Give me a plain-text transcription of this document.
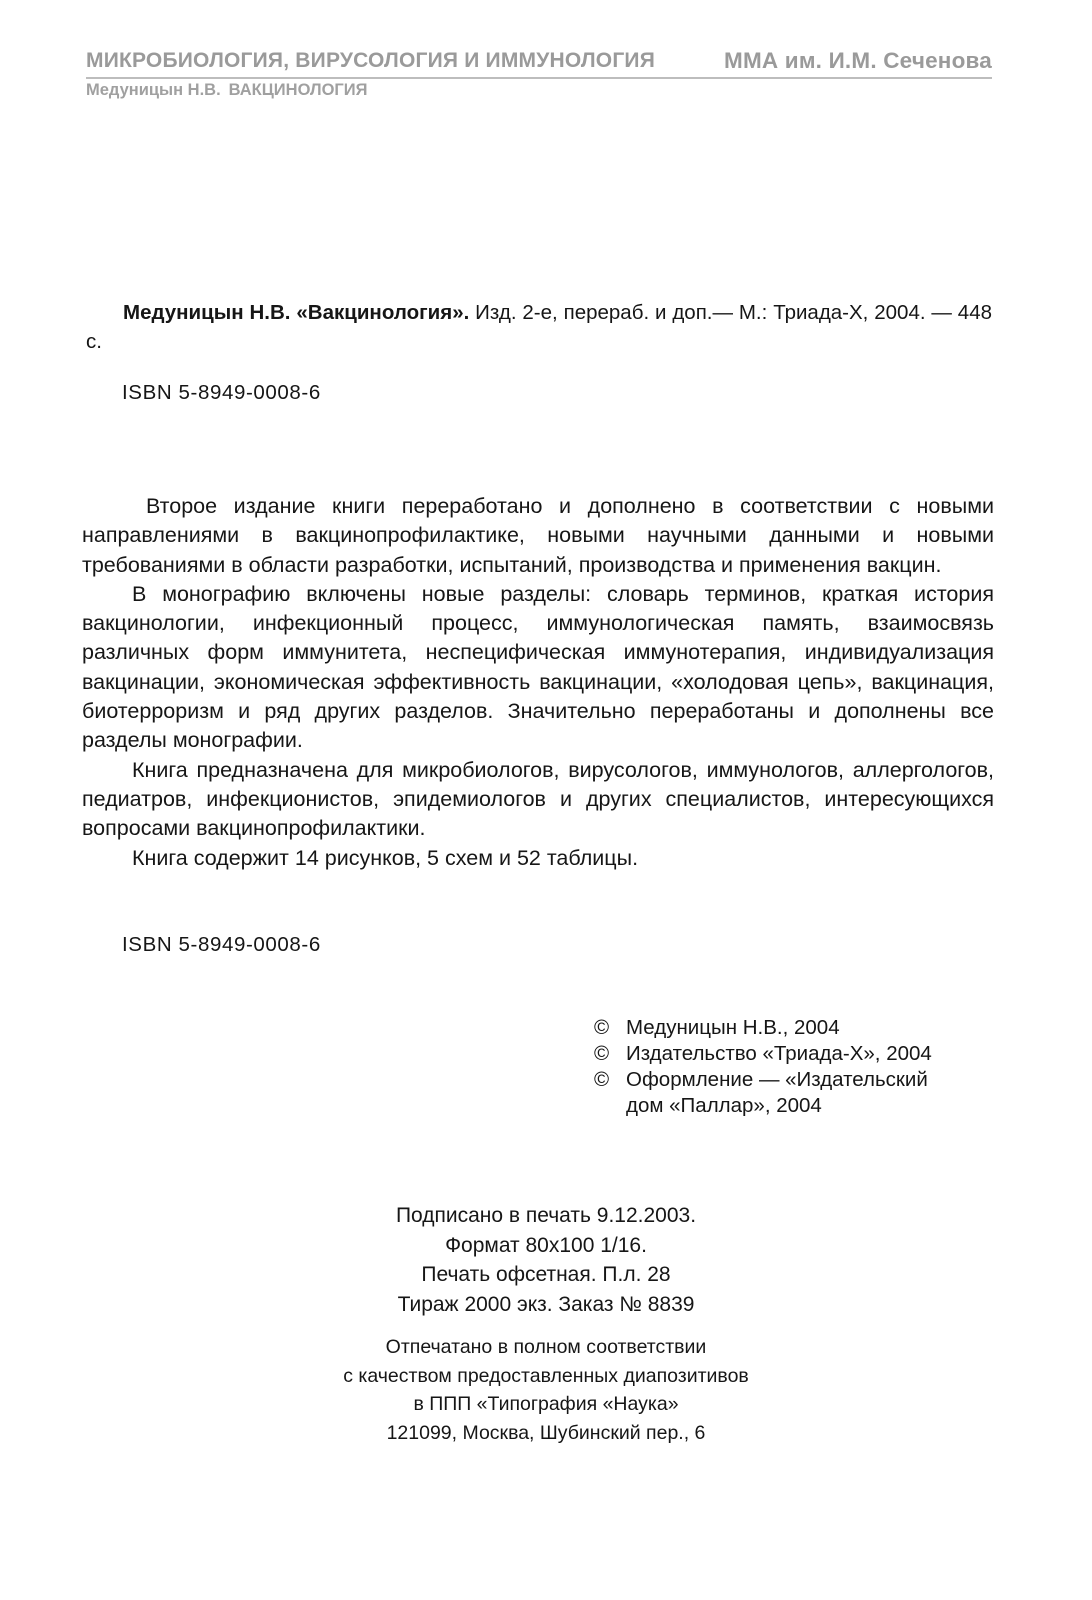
МИКРОБИОЛОГИЯ, ВИРУСОЛОГИЯ И ИММУНОЛОГИЯ	ММА им. И.М. Сеченова
Медуницын Н.В. ВАКЦИНОЛОГИЯ

Медуницын Н.В. «Вакцинология». Изд. 2-е, перераб. и доп.— М.: Триада-Х, 2004. — 448 с.

ISBN 5-8949-0008-6

Второе издание книги переработано и дополнено в соответствии с новыми направлениями в вакцинопрофилактике, новыми научными данными и новыми требованиями в области разработки, испытаний, производства и применения вакцин.

В монографию включены новые разделы: словарь терминов, краткая история вакцинологии, инфекционный процесс, иммунологическая память, взаимосвязь различных форм иммунитета, неспецифическая иммунотерапия, индивидуализация вакцинации, экономическая эффективность вакцинации, «холодовая цепь», вакцинация, биотерроризм и ряд других разделов. Значительно переработаны и дополнены все разделы монографии.

Книга предназначена для микробиологов, вирусологов, иммунологов, аллергологов, педиатров, инфекционистов, эпидемиологов и других специалистов, интересующихся вопросами вакцинопрофилактики.

Книга содержит 14 рисунков, 5 схем и 52 таблицы.

ISBN 5-8949-0008-6
© Медуницын Н.В., 2004
© Издательство «Триада-Х», 2004
© Оформление — «Издательский
дом «Паллар», 2004
Подписано в печать 9.12.2003.
Формат 80x100 1/16.
Печать офсетная. П.л. 28
Тираж 2000 экз. Заказ № 8839
Отпечатано в полном соответствии
с качеством предоставленных диапозитивов
в ППП «Типография «Наука»
121099, Москва, Шубинский пер., 6
